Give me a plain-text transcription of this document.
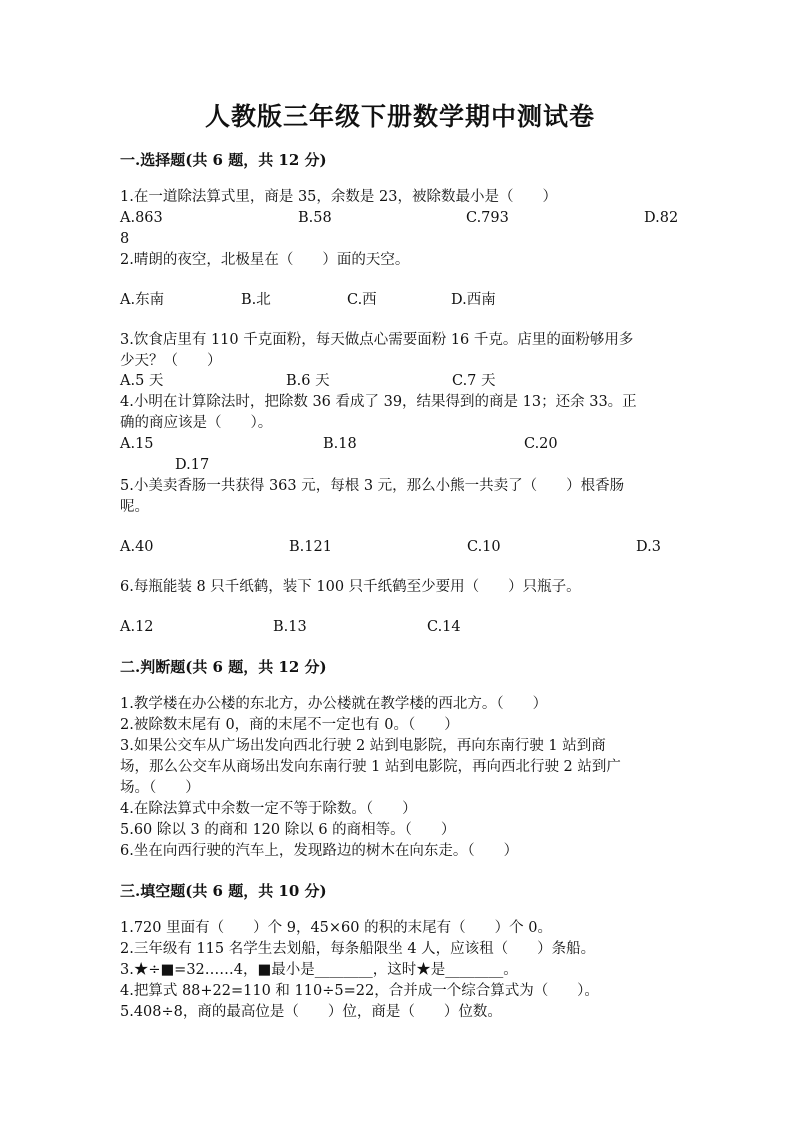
人教版三年级下册数学期中测试卷
一.选择题(共 6 题，共 12 分)
1.在一道除法算式里，商是 35，余数是 23，被除数最小是（　　）
A.863	B.58	C.793	D.82
8
2.晴朗的夜空，北极星在（　　）面的天空。
A.东南	B.北	C.西	D.西南
3.饮食店里有 110 千克面粉，每天做点心需要面粉 16 千克。店里的面粉够用多
少天？（　　）
A.5 天	B.6 天	C.7 天
4.小明在计算除法时，把除数 36 看成了 39，结果得到的商是 13；还余 33。正
确的商应该是（　　）。
A.15	B.18	C.20
D.17
5.小美卖香肠一共获得 363 元，每根 3 元，那么小熊一共卖了（　　）根香肠
呢。
A.40	B.121	C.10	D.3
6.每瓶能装 8 只千纸鹤，装下 100 只千纸鹤至少要用（　　）只瓶子。
A.12	B.13	C.14
二.判断题(共 6 题，共 12 分)
1.教学楼在办公楼的东北方，办公楼就在教学楼的西北方。（　　）
2.被除数末尾有 0，商的末尾不一定也有 0。（　　）
3.如果公交车从广场出发向西北行驶 2 站到电影院，再向东南行驶 1 站到商
场，那么公交车从商场出发向东南行驶 1 站到电影院，再向西北行驶 2 站到广
场。（　　）
4.在除法算式中余数一定不等于除数。（　　）
5.60 除以 3 的商和 120 除以 6 的商相等。（　　）
6.坐在向西行驶的汽车上，发现路边的树木在向东走。（　　）
三.填空题(共 6 题，共 10 分)
1.720 里面有（　　）个 9，45×60 的积的末尾有（　　）个 0。
2.三年级有 115 名学生去划船，每条船限坐 4 人，应该租（　　）条船。
3.★÷■=32……4，■最小是________，这时★是________。
4.把算式 88+22=110 和 110÷5=22，合并成一个综合算式为（　　）。
5.408÷8，商的最高位是（　　）位，商是（　　）位数。
